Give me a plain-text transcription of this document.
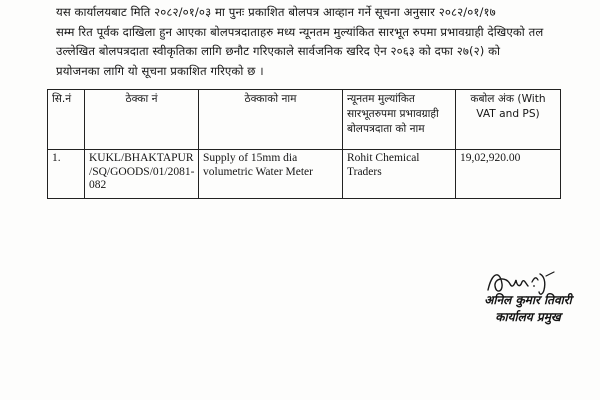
यस कार्यालयबाट मिति २०८२/०१/०३ मा पुनः प्रकाशित बोलपत्र आव्हान गर्ने सूचना अनुसार २०८२/०१/१७
सम्म रित पूर्वक दाखिला हुन आएका बोलपत्रदाताहरु मध्य न्यूनतम मुल्यांकित सारभूत रुपमा प्रभावग्राही देखिएको तल
उल्लेखित बोलपत्रदाता स्वीकृतिका लागि छनौट गरिएकाले सार्वजनिक खरिद ऐन २०६३ को दफा २७(२) को
प्रयोजनका लागि यो सूचना प्रकाशित गरिएको छ ।
सि.नं	ठेक्का नं	ठेक्काको नाम	न्यूनतम मुल्यांकित सारभूतरुपमा प्रभावग्राही बोलपत्रदाता को नाम	कबोल अंक (With VAT and PS)
1.	KUKL/BHAKTAPUR /SQ/GOODS/01/2081-082	Supply of 15mm dia volumetric Water Meter	Rohit Chemical Traders	19,02,920.00
अनिल कुमार तिवारी
कार्यालय प्रमुख
